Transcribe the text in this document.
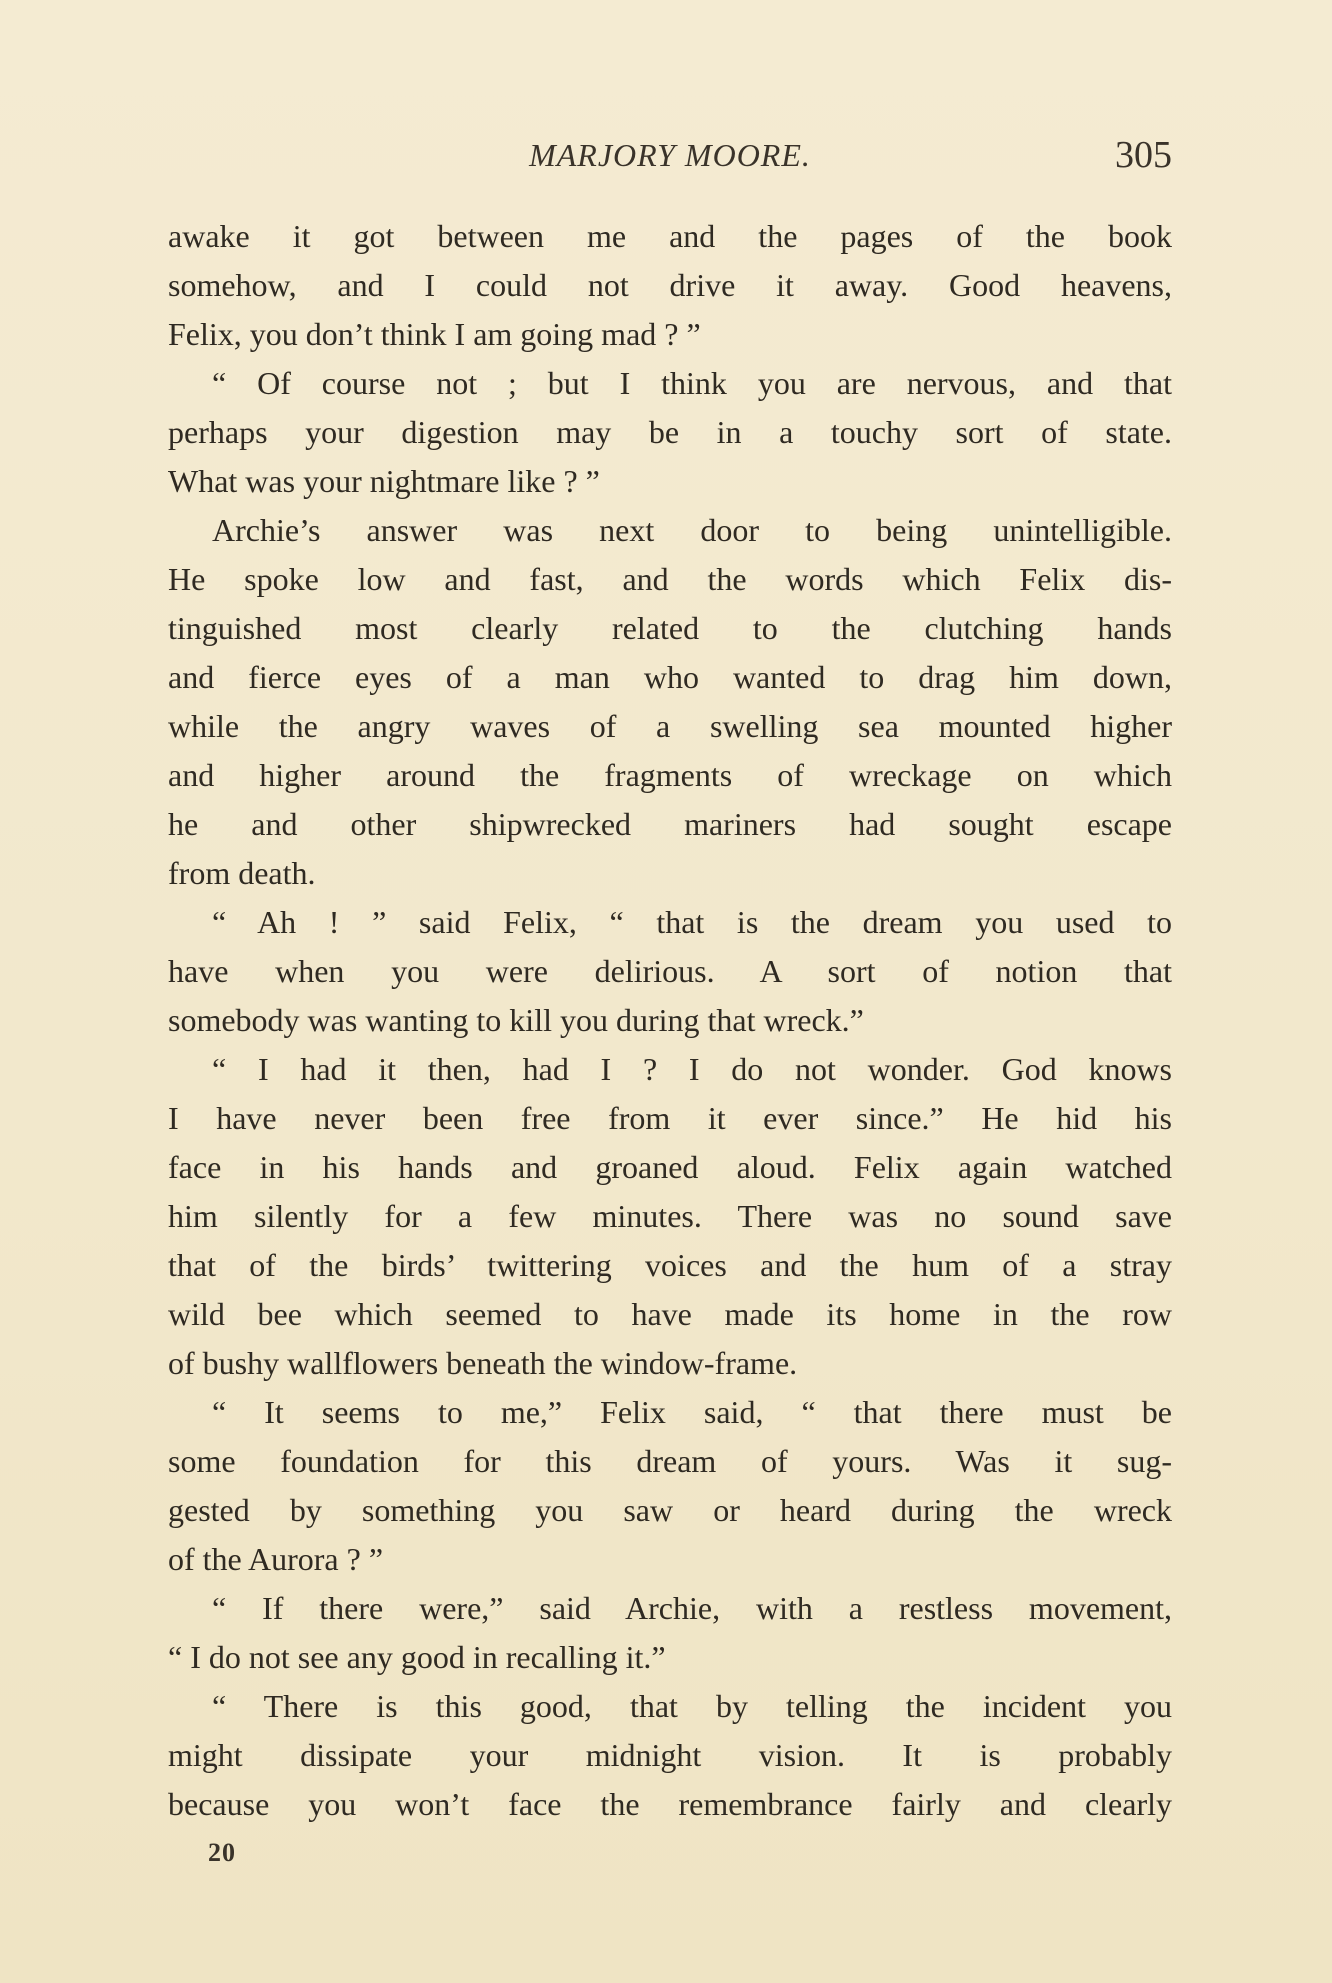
MARJORY MOORE.	305
awake it got between me and the pages of the book
somehow, and I could not drive it away. Good heavens,
Felix, you don’t think I am going mad ? ”
“ Of course not ; but I think you are nervous, and that
perhaps your digestion may be in a touchy sort of state.
What was your nightmare like ? ”
Archie’s answer was next door to being unintelligible.
He spoke low and fast, and the words which Felix dis-
tinguished most clearly related to the clutching hands
and fierce eyes of a man who wanted to drag him down,
while the angry waves of a swelling sea mounted higher
and higher around the fragments of wreckage on which
he and other shipwrecked mariners had sought escape
from death.
“ Ah ! ” said Felix, “ that is the dream you used to
have when you were delirious. A sort of notion that
somebody was wanting to kill you during that wreck.”
“ I had it then, had I ? I do not wonder. God knows
I have never been free from it ever since.” He hid his
face in his hands and groaned aloud. Felix again watched
him silently for a few minutes. There was no sound save
that of the birds’ twittering voices and the hum of a stray
wild bee which seemed to have made its home in the row
of bushy wallflowers beneath the window-frame.
“ It seems to me,” Felix said, “ that there must be
some foundation for this dream of yours. Was it sug-
gested by something you saw or heard during the wreck
of the Aurora ? ”
“ If there were,” said Archie, with a restless movement,
“ I do not see any good in recalling it.”
“ There is this good, that by telling the incident you
might dissipate your midnight vision. It is probably
because you won’t face the remembrance fairly and clearly
20
